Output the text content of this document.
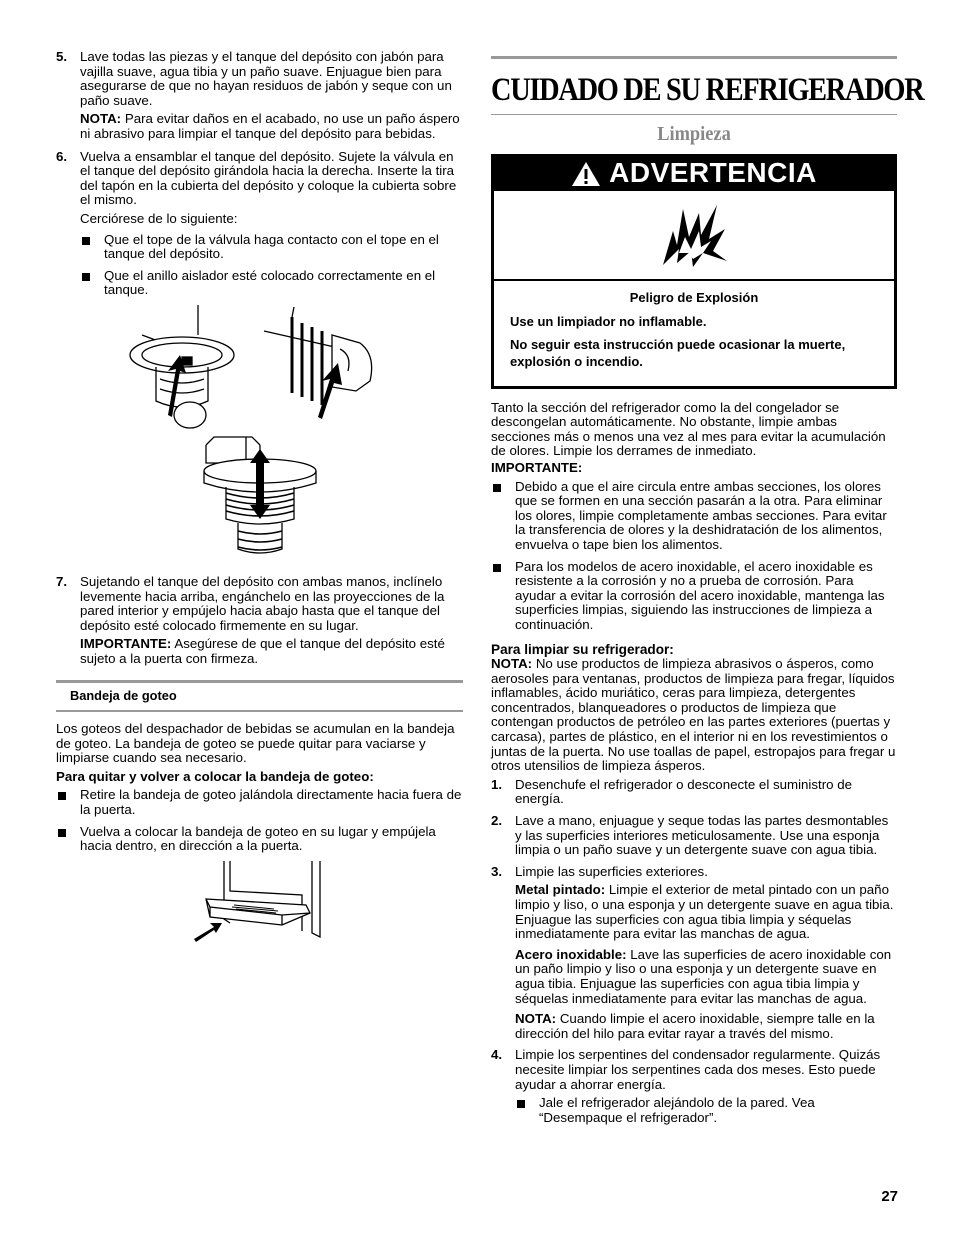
5. Lave todas las piezas y el tanque del depósito con jabón para vajilla suave, agua tibia y un paño suave. Enjuague bien para asegurarse de que no hayan residuos de jabón y seque con un paño suave.

NOTA: Para evitar daños en el acabado, no use un paño áspero ni abrasivo para limpiar el tanque del depósito para bebidas.

6. Vuelva a ensamblar el tanque del depósito. Sujete la válvula en el tanque del depósito girándola hacia la derecha. Inserte la tira del tapón en la cubierta del depósito y coloque la cubierta sobre el mismo.

Cerciórese de lo siguiente:

Que el tope de la válvula haga contacto con el tope en el tanque del depósito.

Que el anillo aislador esté colocado correctamente en el tanque.

7. Sujetando el tanque del depósito con ambas manos, inclínelo levemente hacia arriba, engánchelo en las proyecciones de la pared interior y empújelo hacia abajo hasta que el tanque del depósito esté colocado firmemente en su lugar.

IMPORTANTE: Asegúrese de que el tanque del depósito esté sujeto a la puerta con firmeza.

Bandeja de goteo

Los goteos del despachador de bebidas se acumulan en la bandeja de goteo. La bandeja de goteo se puede quitar para vaciarse y limpiarse cuando sea necesario.

Para quitar y volver a colocar la bandeja de goteo:

Retire la bandeja de goteo jalándola directamente hacia fuera de la puerta.

Vuelva a colocar la bandeja de goteo en su lugar y empújela hacia dentro, en dirección a la puerta.

CUIDADO DE SU REFRIGERADOR
Limpieza
ADVERTENCIA

Peligro de Explosión

Use un limpiador no inflamable.

No seguir esta instrucción puede ocasionar la muerte, explosión o incendio.

Tanto la sección del refrigerador como la del congelador se descongelan automáticamente. No obstante, limpie ambas secciones más o menos una vez al mes para evitar la acumulación de olores. Limpie los derrames de inmediato.

IMPORTANTE:

Debido a que el aire circula entre ambas secciones, los olores que se formen en una sección pasarán a la otra. Para eliminar los olores, limpie completamente ambas secciones. Para evitar la transferencia de olores y la deshidratación de los alimentos, envuelva o tape bien los alimentos.

Para los modelos de acero inoxidable, el acero inoxidable es resistente a la corrosión y no a prueba de corrosión. Para ayudar a evitar la corrosión del acero inoxidable, mantenga las superficies limpias, siguiendo las instrucciones de limpieza a continuación.

Para limpiar su refrigerador:

NOTA: No use productos de limpieza abrasivos o ásperos, como aerosoles para ventanas, productos de limpieza para fregar, líquidos inflamables, ácido muriático, ceras para limpieza, detergentes concentrados, blanqueadores o productos de limpieza que contengan productos de petróleo en las partes exteriores (puertas y carcasa), partes de plástico, en el interior ni en los revestimientos o juntas de la puerta. No use toallas de papel, estropajos para fregar u otros utensilios de limpieza ásperos.

1. Desenchufe el refrigerador o desconecte el suministro de energía.

2. Lave a mano, enjuague y seque todas las partes desmontables y las superficies interiores meticulosamente. Use una esponja limpia o un paño suave y un detergente suave con agua tibia.

3. Limpie las superficies exteriores.

Metal pintado: Limpie el exterior de metal pintado con un paño limpio y liso, o una esponja y un detergente suave en agua tibia. Enjuague las superficies con agua tibia limpia y séquelas inmediatamente para evitar las manchas de agua.

Acero inoxidable: Lave las superficies de acero inoxidable con un paño limpio y liso o una esponja y un detergente suave en agua tibia. Enjuague las superficies con agua tibia limpia y séquelas inmediatamente para evitar las manchas de agua.

NOTA: Cuando limpie el acero inoxidable, siempre talle en la dirección del hilo para evitar rayar a través del mismo.

4. Limpie los serpentines del condensador regularmente. Quizás necesite limpiar los serpentines cada dos meses. Esto puede ayudar a ahorrar energía.

Jale el refrigerador alejándolo de la pared. Vea “Desempaque el refrigerador”.

27
